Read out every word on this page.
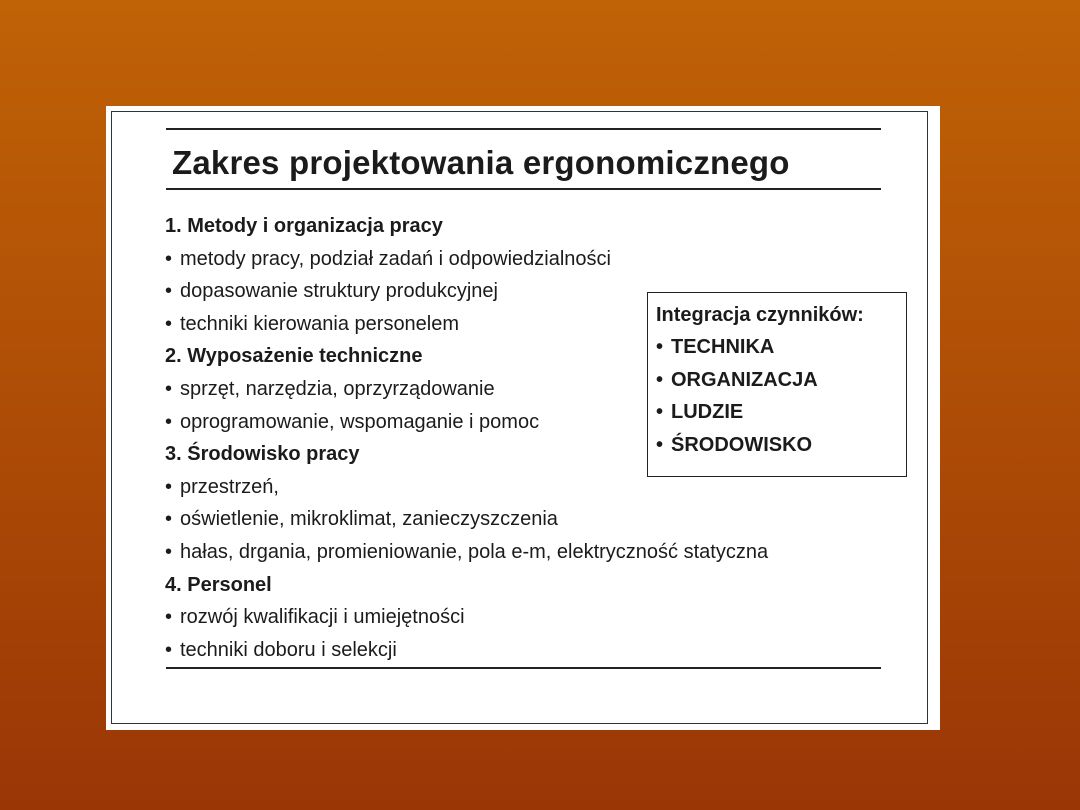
Zakres projektowania ergonomicznego
1. Metody i organizacja pracy
• metody pracy, podział zadań i odpowiedzialności
• dopasowanie struktury produkcyjnej
• techniki kierowania personelem
2. Wyposażenie techniczne
• sprzęt, narzędzia, oprzyrządowanie
• oprogramowanie, wspomaganie i pomoc
3. Środowisko pracy
• przestrzeń,
• oświetlenie, mikroklimat, zanieczyszczenia
• hałas, drgania, promieniowanie, pola e-m, elektryczność statyczna
4. Personel
• rozwój kwalifikacji i umiejętności
• techniki doboru i selekcji
Integracja czynników:
• TECHNIKA
• ORGANIZACJA
• LUDZIE
• ŚRODOWISKO
